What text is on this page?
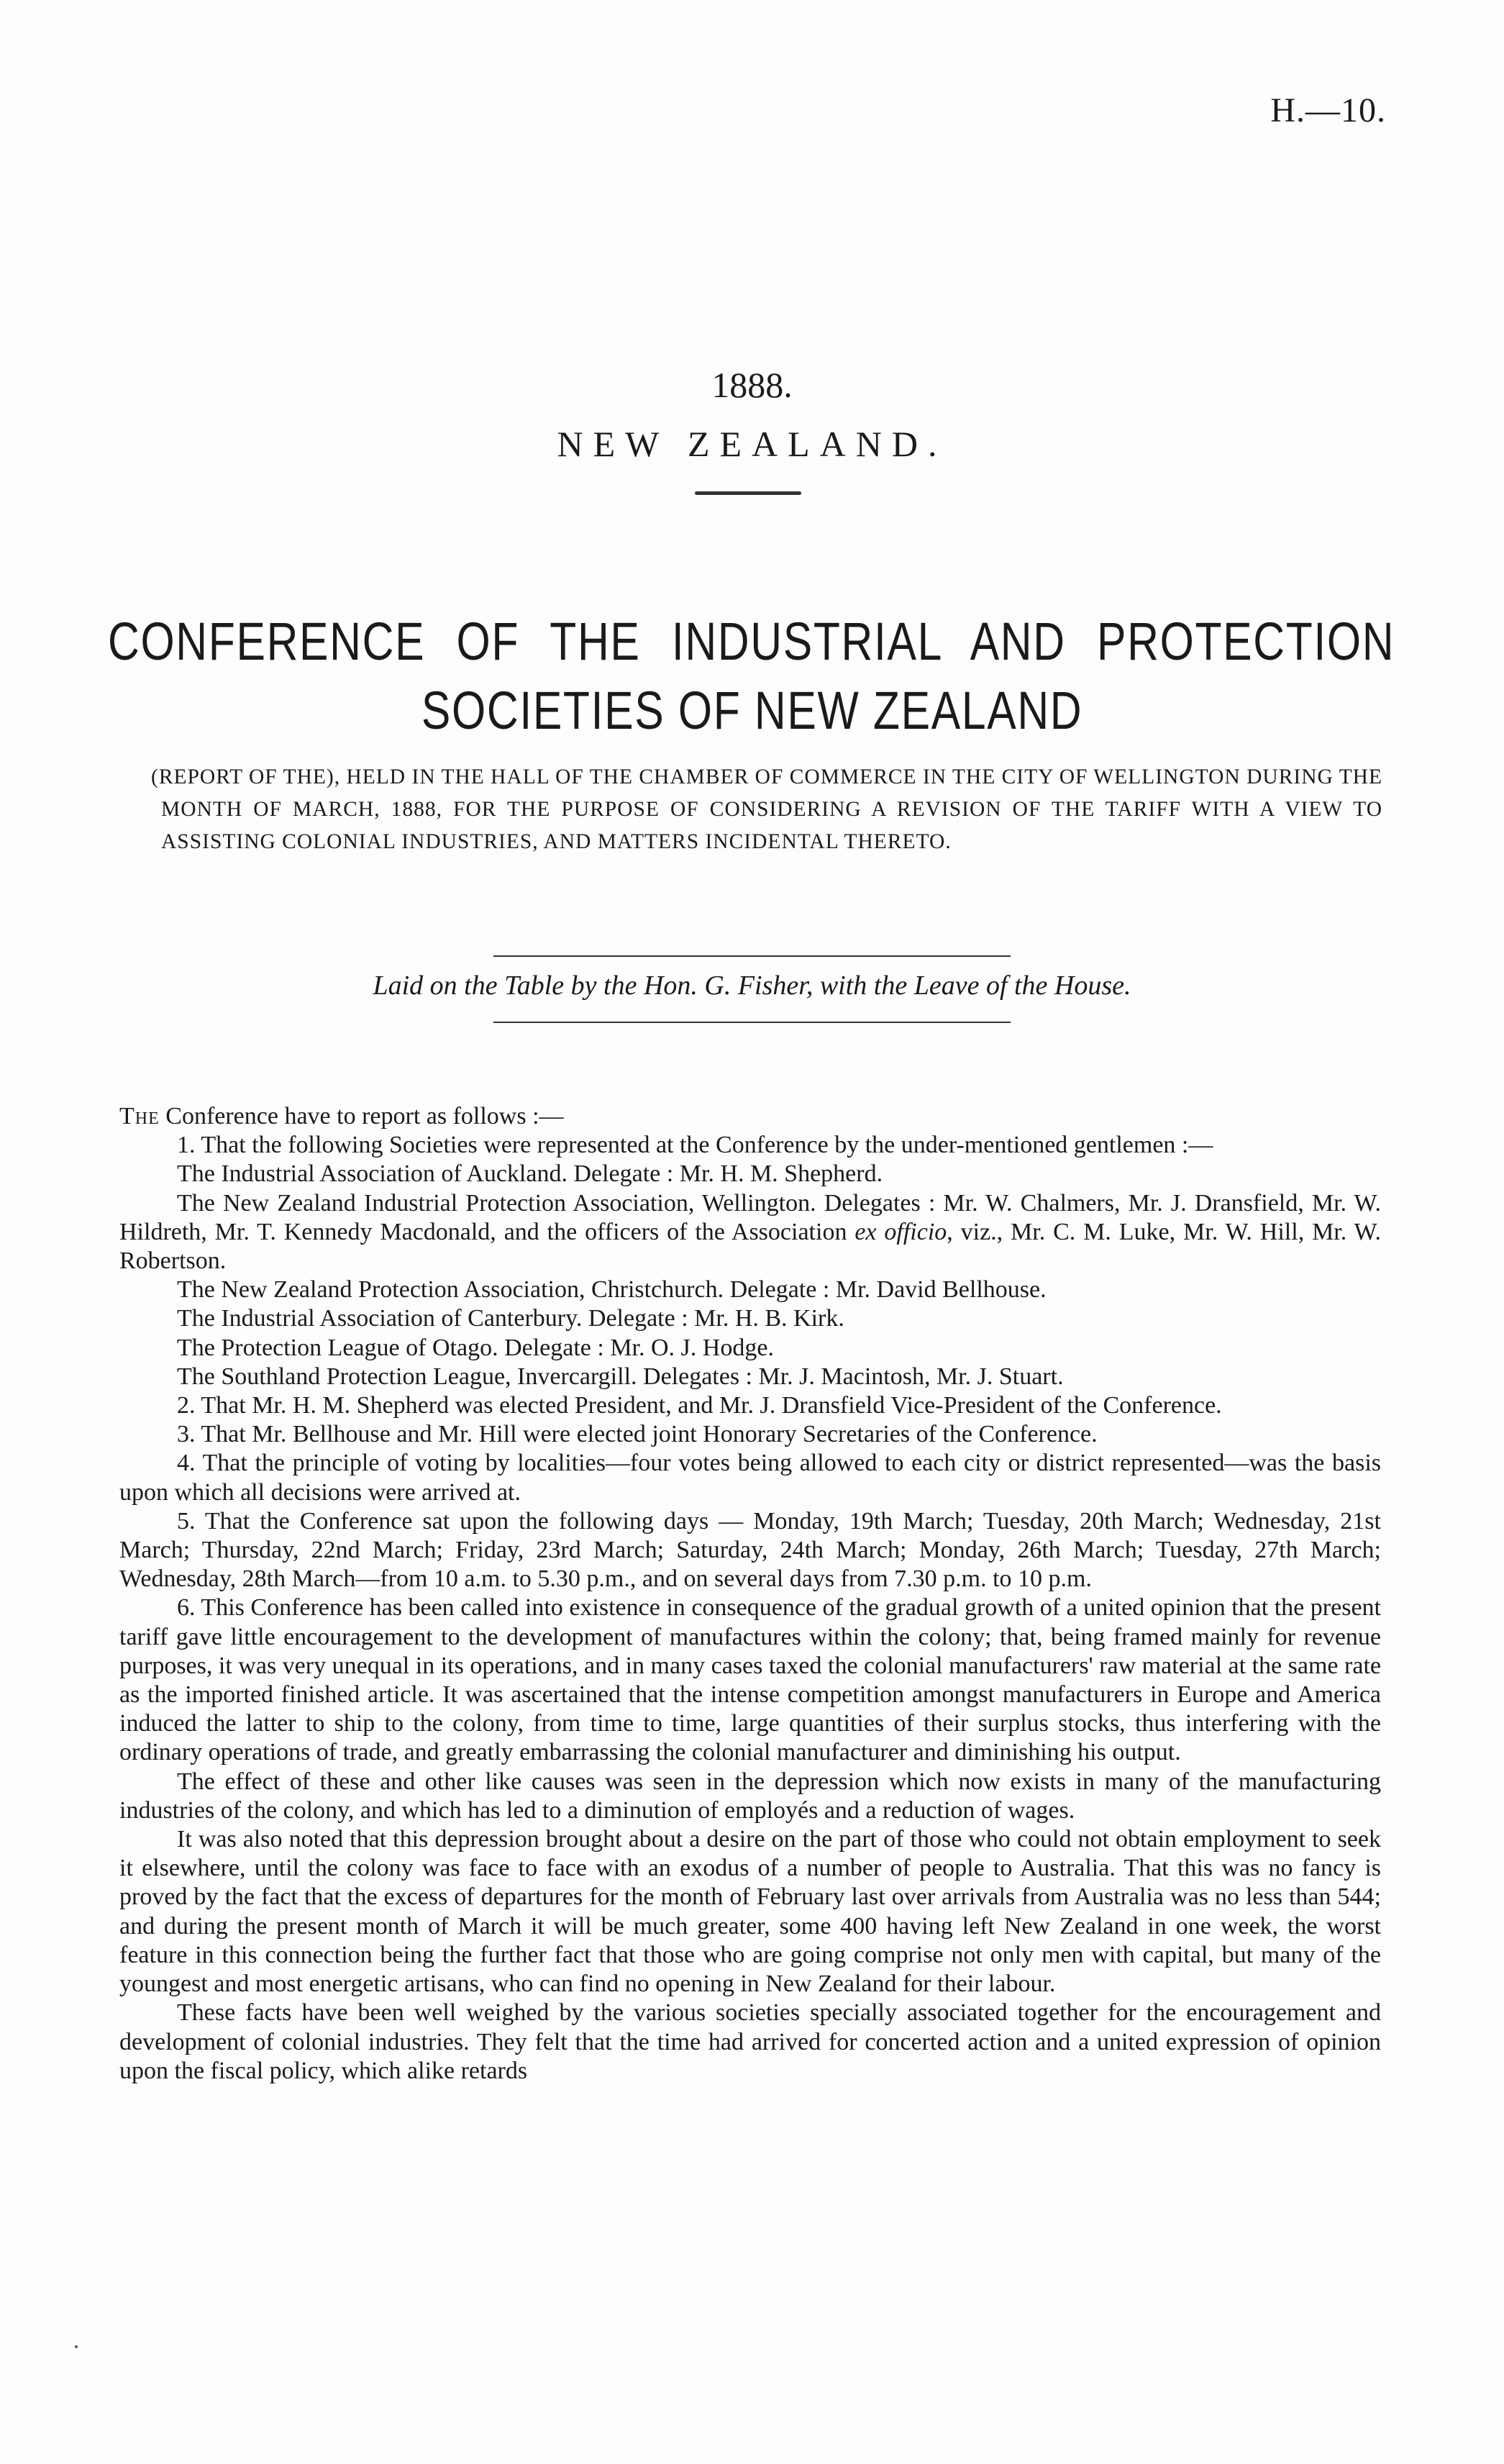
H.—10.
1888.
NEW ZEALAND.
CONFERENCE OF THE INDUSTRIAL AND PROTECTION
SOCIETIES OF NEW ZEALAND
(REPORT OF THE), HELD IN THE HALL OF THE CHAMBER OF COMMERCE IN THE CITY OF WELLINGTON DURING THE MONTH OF MARCH, 1888, FOR THE PURPOSE OF CONSIDERING A REVISION OF THE TARIFF WITH A VIEW TO ASSISTING COLONIAL INDUSTRIES, AND MATTERS INCIDENTAL THERETO.
Laid on the Table by the Hon. G. Fisher, with the Leave of the House.

The Conference have to report as follows :—

1. That the following Societies were represented at the Conference by the under-mentioned gentlemen :—

The Industrial Association of Auckland. Delegate : Mr. H. M. Shepherd.

The New Zealand Industrial Protection Association, Wellington. Delegates : Mr. W. Chalmers, Mr. J. Dransfield, Mr. W. Hildreth, Mr. T. Kennedy Macdonald, and the officers of the Association ex officio, viz., Mr. C. M. Luke, Mr. W. Hill, Mr. W. Robertson.

The New Zealand Protection Association, Christchurch. Delegate : Mr. David Bellhouse.

The Industrial Association of Canterbury. Delegate : Mr. H. B. Kirk.

The Protection League of Otago. Delegate : Mr. O. J. Hodge.

The Southland Protection League, Invercargill. Delegates : Mr. J. Macintosh, Mr. J. Stuart.

2. That Mr. H. M. Shepherd was elected President, and Mr. J. Dransfield Vice-President of the Conference.

3. That Mr. Bellhouse and Mr. Hill were elected joint Honorary Secretaries of the Conference.

4. That the principle of voting by localities—four votes being allowed to each city or district represented—was the basis upon which all decisions were arrived at.

5. That the Conference sat upon the following days — Monday, 19th March; Tuesday, 20th March; Wednesday, 21st March; Thursday, 22nd March; Friday, 23rd March; Saturday, 24th March; Monday, 26th March; Tuesday, 27th March; Wednesday, 28th March—from 10 a.m. to 5.30 p.m., and on several days from 7.30 p.m. to 10 p.m.

6. This Conference has been called into existence in consequence of the gradual growth of a united opinion that the present tariff gave little encouragement to the development of manufactures within the colony; that, being framed mainly for revenue purposes, it was very unequal in its operations, and in many cases taxed the colonial manufacturers' raw material at the same rate as the imported finished article. It was ascertained that the intense competition amongst manufacturers in Europe and America induced the latter to ship to the colony, from time to time, large quantities of their surplus stocks, thus interfering with the ordinary operations of trade, and greatly embarrassing the colonial manufacturer and diminishing his output.

The effect of these and other like causes was seen in the depression which now exists in many of the manufacturing industries of the colony, and which has led to a diminution of employés and a reduction of wages.

It was also noted that this depression brought about a desire on the part of those who could not obtain employment to seek it elsewhere, until the colony was face to face with an exodus of a number of people to Australia. That this was no fancy is proved by the fact that the excess of departures for the month of February last over arrivals from Australia was no less than 544; and during the present month of March it will be much greater, some 400 having left New Zealand in one week, the worst feature in this connection being the further fact that those who are going comprise not only men with capital, but many of the youngest and most energetic artisans, who can find no opening in New Zealand for their labour.

These facts have been well weighed by the various societies specially associated together for the encouragement and development of colonial industries. They felt that the time had arrived for concerted action and a united expression of opinion upon the fiscal policy, which alike retards
